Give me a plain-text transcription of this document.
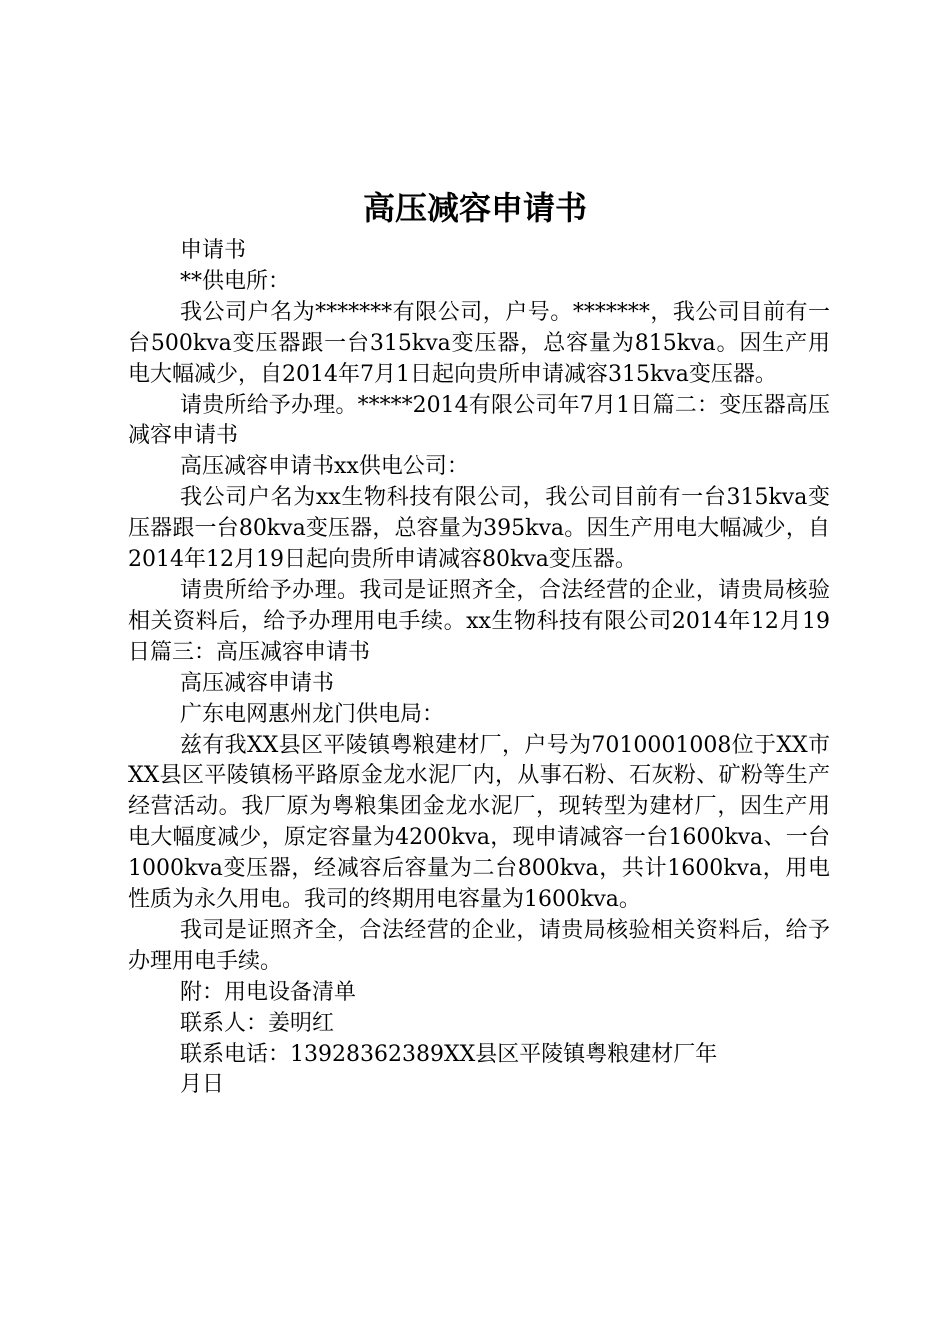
高压减容申请书

申请书

**供电所：

我公司户名为*******有限公司，户号。*******，我公司目前有一台500kva变压器跟一台315kva变压器，总容量为815kva。因生产用电大幅减少，自2014年7月1日起向贵所申请减容315kva变压器。

请贵所给予办理。*****2014有限公司年7月1日篇二：变压器高压减容申请书

高压减容申请书xx供电公司：

我公司户名为xx生物科技有限公司，我公司目前有一台315kva变压器跟一台80kva变压器，总容量为395kva。因生产用电大幅减少，自2014年12月19日起向贵所申请减容80kva变压器。

请贵所给予办理。我司是证照齐全，合法经营的企业，请贵局核验相关资料后，给予办理用电手续。xx生物科技有限公司2014年12月19日篇三：高压减容申请书

高压减容申请书

广东电网惠州龙门供电局：

兹有我XX县区平陵镇粤粮建材厂，户号为7010001008位于XX市XX县区平陵镇杨平路原金龙水泥厂内，从事石粉、石灰粉、矿粉等生产经营活动。我厂原为粤粮集团金龙水泥厂，现转型为建材厂，因生产用电大幅度减少，原定容量为4200kva，现申请减容一台1600kva、一台1000kva变压器，经减容后容量为二台800kva，共计1600kva，用电性质为永久用电。我司的终期用电容量为1600kva。

我司是证照齐全，合法经营的企业，请贵局核验相关资料后，给予办理用电手续。

附：用电设备清单

联系人：姜明红

联系电话：13928362389XX县区平陵镇粤粮建材厂年

月日
